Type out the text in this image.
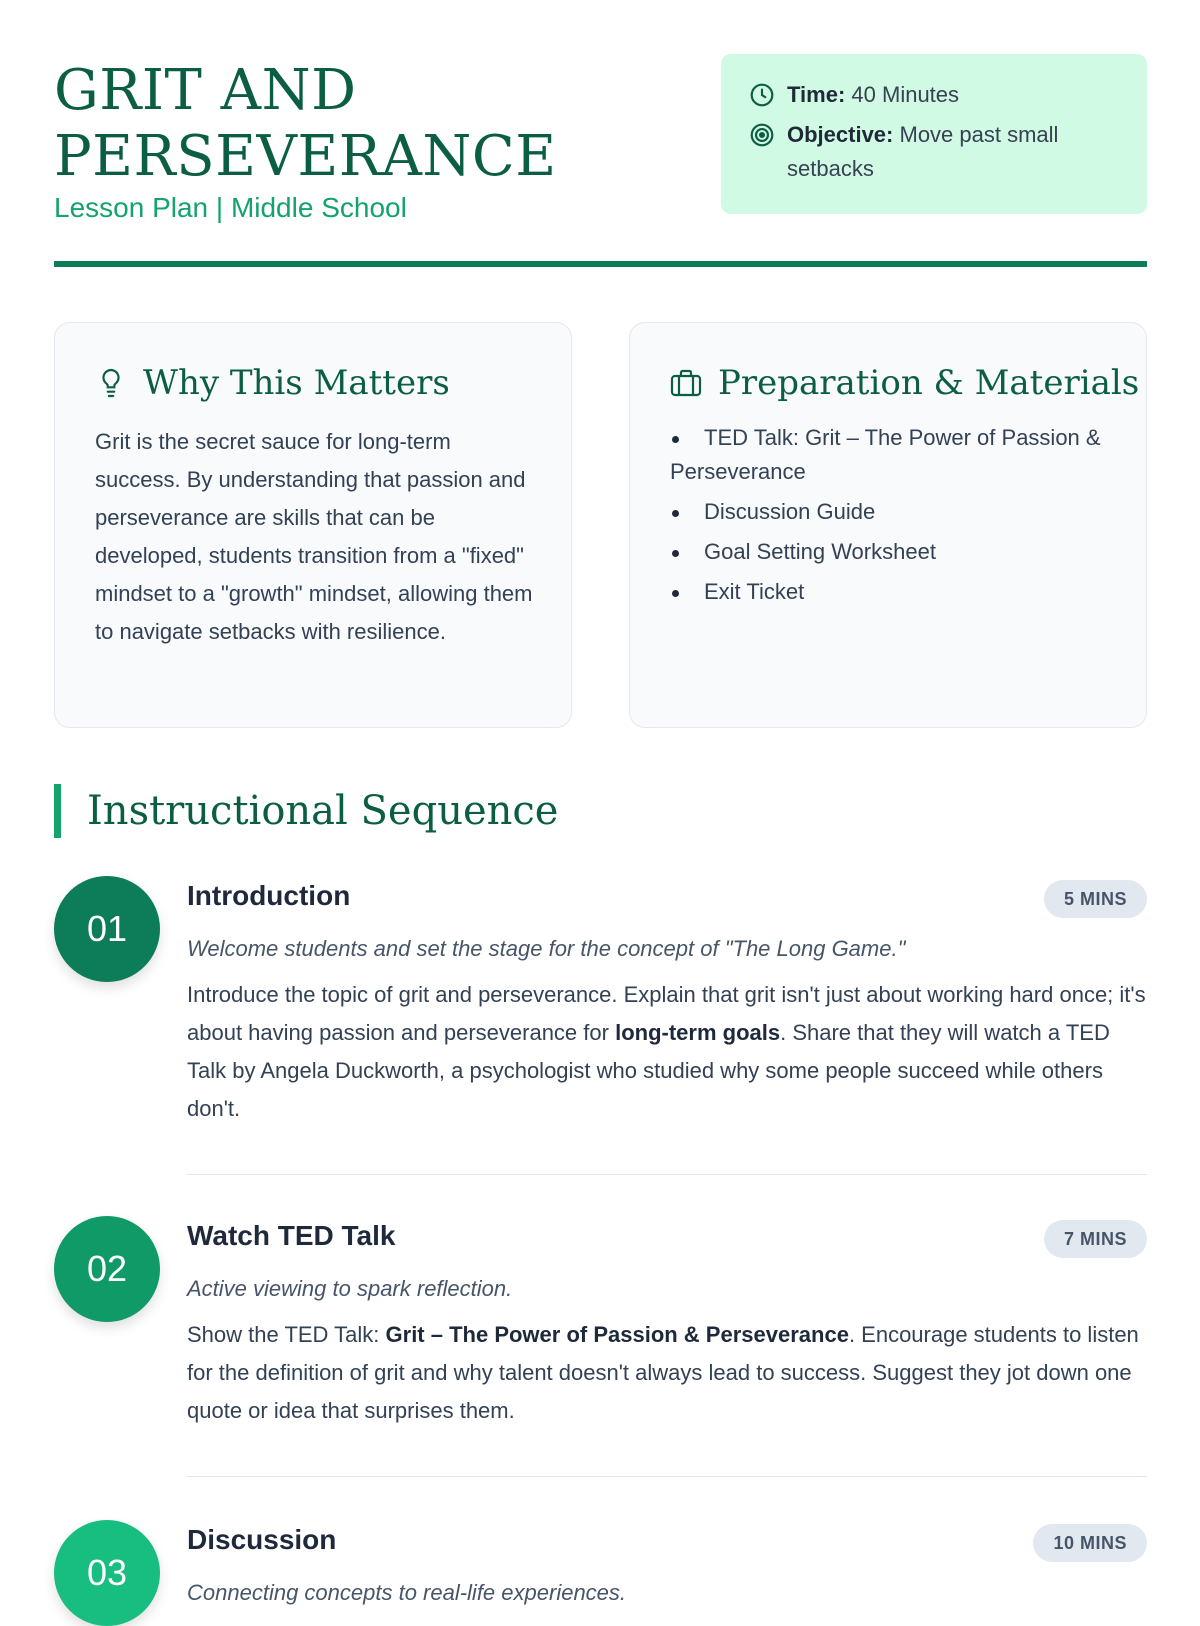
GRIT AND
PERSEVERANCE
Lesson Plan | Middle School
Time: 40 Minutes
Objective: Move past small setbacks
Why This Matters
Grit is the secret sauce for long-term success. By understanding that passion and perseverance are skills that can be developed, students transition from a "fixed" mindset to a "growth" mindset, allowing them to navigate setbacks with resilience.
Preparation & Materials
TED Talk: Grit – The Power of Passion & Perseverance
Discussion Guide
Goal Setting Worksheet
Exit Ticket
Instructional Sequence
01
Introduction	5 MINS
Welcome students and set the stage for the concept of "The Long Game."
Introduce the topic of grit and perseverance. Explain that grit isn't just about working hard once; it's about having passion and perseverance for long-term goals. Share that they will watch a TED Talk by Angela Duckworth, a psychologist who studied why some people succeed while others don't.
02
Watch TED Talk	7 MINS
Active viewing to spark reflection.
Show the TED Talk: Grit – The Power of Passion & Perseverance. Encourage students to listen for the definition of grit and why talent doesn't always lead to success. Suggest they jot down one quote or idea that surprises them.
03
Discussion	10 MINS
Connecting concepts to real-life experiences.
